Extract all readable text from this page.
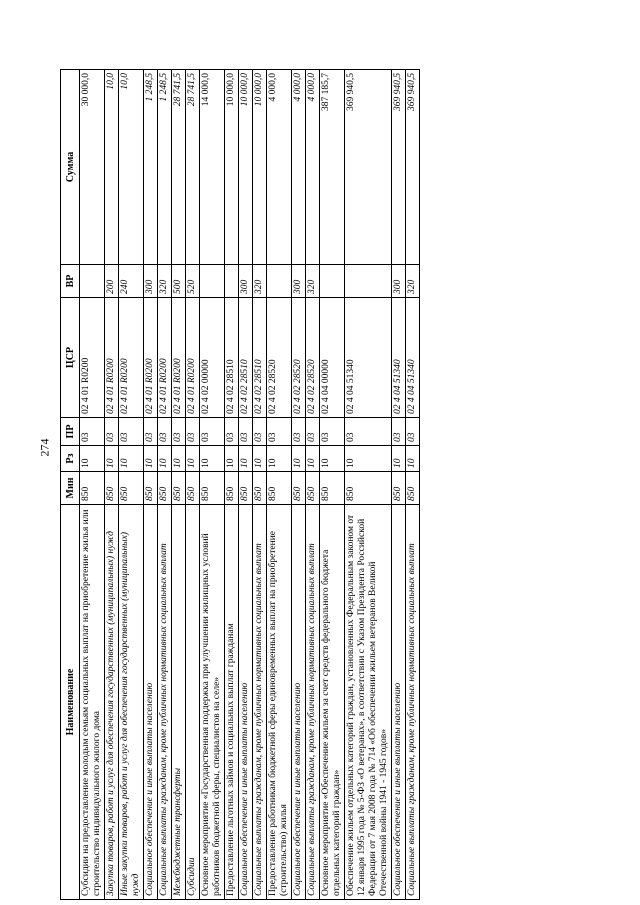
274
Наименование	Мин	Рз	ПР	ЦСР	ВР	Сумма
Субсидии на предоставление молодым семьям социальных выплат на приобретение жилья или строительство индивидуального жилого дома	850	10	03	02 4 01 R0200		30 000,0
Закупка товаров, работ и услуг для обеспечения государственных (муниципальных) нужд	850	10	03	02 4 01 R0200	200	10,0
Иные закупки товаров, работ и услуг для обеспечения государственных (муниципальных) нужд	850	10	03	02 4 01 R0200	240	10,0
Социальное обеспечение и иные выплаты населению	850	10	03	02 4 01 R0200	300	1 248,5
Социальные выплаты гражданам, кроме публичных нормативных социальных выплат	850	10	03	02 4 01 R0200	320	1 248,5
Межбюджетные трансферты	850	10	03	02 4 01 R0200	500	28 741,5
Субсидии	850	10	03	02 4 01 R0200	520	28 741,5
Основное мероприятие «Государственная поддержка при улучшении жилищных условий работников бюджетной сферы, специалистов на селе»	850	10	03	02 4 02 00000		14 000,0
Предоставление льготных займов и социальных выплат гражданам	850	10	03	02 4 02 28510		10 000,0
Социальное обеспечение и иные выплаты населению	850	10	03	02 4 02 28510	300	10 000,0
Социальные выплаты гражданам, кроме публичных нормативных социальных выплат	850	10	03	02 4 02 28510	320	10 000,0
Предоставление работникам бюджетной сферы единовременных выплат на приобретение (строительство) жилья	850	10	03	02 4 02 28520		4 000,0
Социальное обеспечение и иные выплаты населению	850	10	03	02 4 02 28520	300	4 000,0
Социальные выплаты гражданам, кроме публичных нормативных социальных выплат	850	10	03	02 4 02 28520	320	4 000,0
Основное мероприятие «Обеспечение жильем за счет средств федерального бюджета отдельных категорий граждан»	850	10	03	02 4 04 00000		387 185,7
Обеспечение жильем отдельных категорий граждан, установленных Федеральным законом от 12 января 1995 года № 5-ФЗ «О ветеранах», в соответствии с Указом Президента Российской Федерации от 7 мая 2008 года № 714 «Об обеспечении жильем ветеранов Великой Отечественной войны 1941 - 1945 годов»	850	10	03	02 4 04 51340		369 940,5
Социальное обеспечение и иные выплаты населению	850	10	03	02 4 04 51340	300	369 940,5
Социальные выплаты гражданам, кроме публичных нормативных социальных выплат	850	10	03	02 4 04 51340	320	369 940,5
